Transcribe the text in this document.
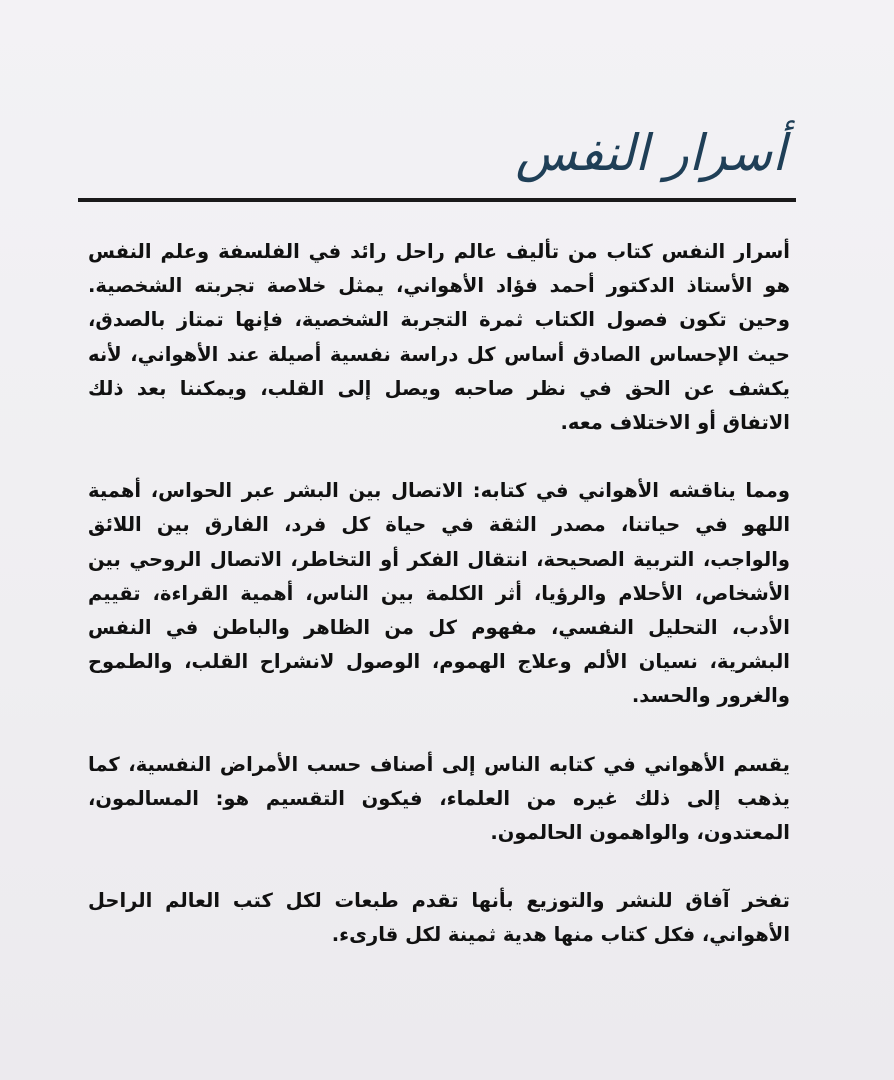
أسرار النفس

أسرار النفس كتاب من تأليف عالم راحل رائد في الفلسفة وعلم النفس هو الأستاذ الدكتور أحمد فؤاد الأهواني، يمثل خلاصة تجربته الشخصية. وحين تكون فصول الكتاب ثمرة التجربة الشخصية، فإنها تمتاز بالصدق، حيث الإحساس الصادق أساس كل دراسة نفسية أصيلة عند الأهواني، لأنه يكشف عن الحق في نظر صاحبه ويصل إلى القلب، ويمكننا بعد ذلك الاتفاق أو الاختلاف معه.

ومما يناقشه الأهواني في كتابه: الاتصال بين البشر عبر الحواس، أهمية اللهو في حياتنا، مصدر الثقة في حياة كل فرد، الفارق بين اللائق والواجب، التربية الصحيحة، انتقال الفكر أو التخاطر، الاتصال الروحي بين الأشخاص، الأحلام والرؤيا، أثر الكلمة بين الناس، أهمية القراءة، تقييم الأدب، التحليل النفسي، مفهوم كل من الظاهر والباطن في النفس البشرية، نسيان الألم وعلاج الهموم، الوصول لانشراح القلب، والطموح والغرور والحسد.

يقسم الأهواني في كتابه الناس إلى أصناف حسب الأمراض النفسية، كما يذهب إلى ذلك غيره من العلماء، فيكون التقسيم هو: المسالمون، المعتدون، والواهمون الحالمون.

تفخر آفاق للنشر والتوزيع بأنها تقدم طبعات لكل كتب العالم الراحل الأهواني، فكل كتاب منها هدية ثمينة لكل قارىء.
